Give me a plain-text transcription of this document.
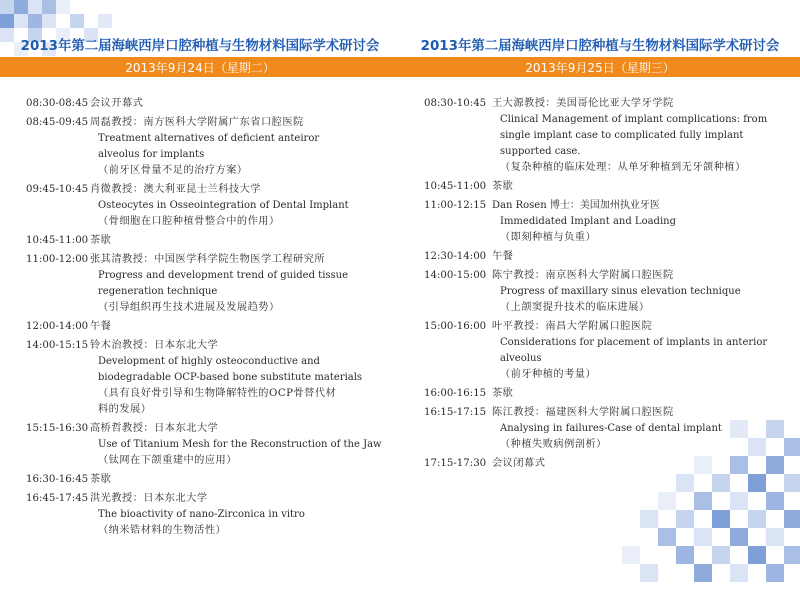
2013年第二届海峡西岸口腔种植与生物材料国际学术研讨会	2013年第二届海峡西岸口腔种植与生物材料国际学术研讨会
2013年9月24日（星期二）	2013年9月25日（星期三）
08:30-08:45 会议开幕式
08:45-09:45 周磊教授：南方医科大学附属广东省口腔医院
Treatment alternatives of deficient anteiror
alveolus for implants
（前牙区骨量不足的治疗方案）
09:45-10:45 肖微教授：澳大利亚昆士兰科技大学
Osteocytes in Osseointegration of Dental Implant
（骨细胞在口腔种植骨整合中的作用）
10:45-11:00 茶歇
11:00-12:00 张其清教授：中国医学科学院生物医学工程研究所
Progress and development trend of guided tissue
regeneration technique
（引导组织再生技术进展及发展趋势）
12:00-14:00 午餐
14:00-15:15 铃木治教授：日本东北大学
Development of highly osteoconductive and
biodegradable OCP-based bone substitute materials
（具有良好骨引导和生物降解特性的OCP骨替代材
料的发展）
15:15-16:30 高桥哲教授：日本东北大学
Use of Titanium Mesh for the Reconstruction of the Jaw
（钛网在下颌重建中的应用）
16:30-16:45 茶歇
16:45-17:45 洪光教授：日本东北大学
The bioactivity of nano-Zirconica in vitro
（纳米锆材料的生物活性）
08:30-10:45 王大源教授：美国哥伦比亚大学牙学院
Clinical Management of implant complications: from
single implant case to complicated fully implant
supported case.
（复杂种植的临床处理：从单牙种植到无牙颌种植）
10:45-11:00 茶歇
11:00-12:15 Dan Rosen 博士：美国加州执业牙医
Immedidated Implant and Loading
（即刻种植与负重）
12:30-14:00 午餐
14:00-15:00 陈宁教授：南京医科大学附属口腔医院
Progress of maxillary sinus elevation technique
（上颌窦提升技术的临床进展）
15:00-16:00 叶平教授：南昌大学附属口腔医院
Considerations for placement of implants in anterior
alveolus
（前牙种植的考量）
16:00-16:15 茶歇
16:15-17:15 陈江教授：福建医科大学附属口腔医院
Analysing in failures-Case of dental implant
（种植失败病例剖析）
17:15-17:30 会议闭幕式
